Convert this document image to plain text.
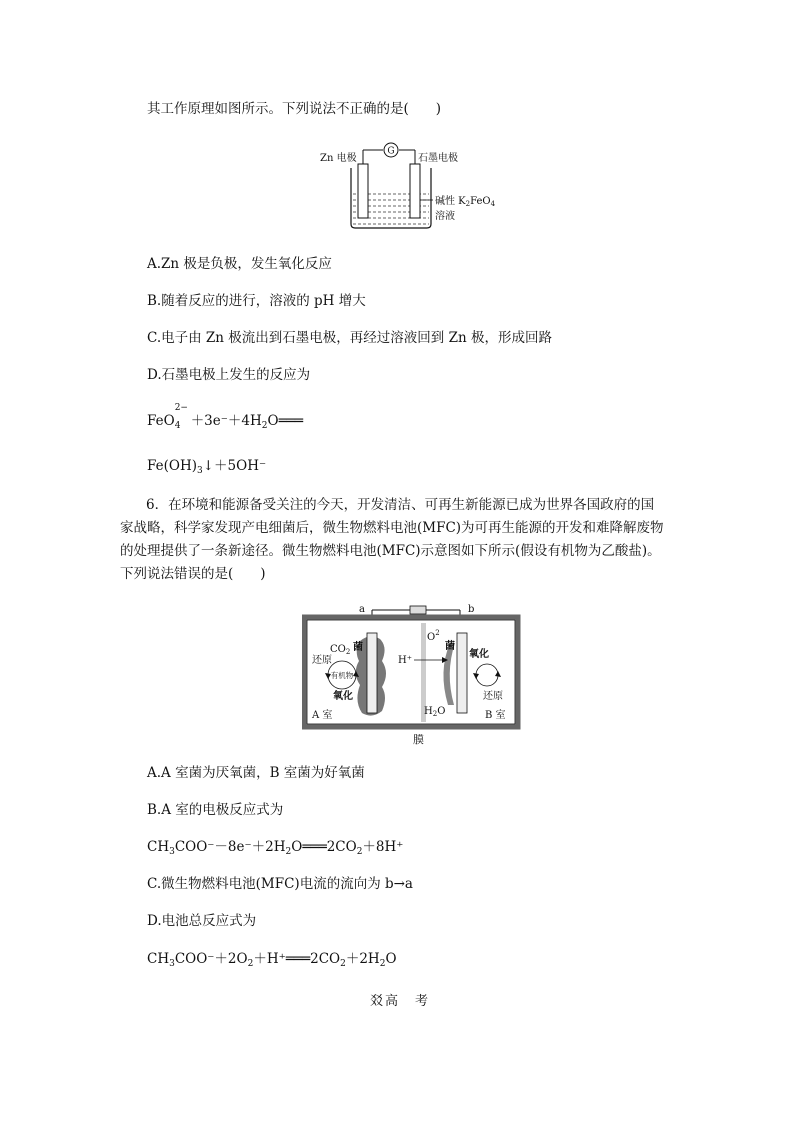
其工作原理如图所示。下列说法不正确的是(　　)
G
Zn 电极	石墨电极
碱性 $K_2FeO_4$
溶液
A.Zn 极是负极，发生氧化反应
B.随着反应的进行，溶液的 pH 增大
C.电子由 Zn 极流出到石墨电极，再经过溶液回到 Zn 极，形成回路
D.石墨电极上发生的反应为
FeO
2−
$_4 +3e^-+4H_2O═══$
$Fe(OH)_3↓+5OH^-$
6．在环境和能源备受关注的今天，开发清洁、可再生新能源已成为世界各国政府的国家战略，科学家发现产电细菌后，微生物燃料电池(MFC)为可再生能源的开发和难降解废物的处理提供了一条新途径。微生物燃料电池(MFC)示意图如下所示(假设有机物为乙酸盐)。下列说法错误的是(　　)
a	b
$CO_2$ 菌
还原
有机物
氧化
A 室
H⁺
$O^2$
菌
氧化
还原
$H_2O$	B 室
膜
A.A 室菌为厌氧菌，B 室菌为好氧菌
B.A 室的电极反应式为
$CH_3COO^--8e^-+2H_2O═══2CO_2+8H^+$
C.微生物燃料电池(MFC)电流的流向为 b→a
D.电池总反应式为
$CH_3COO^-+2O_2+H^+═══2CO_2+2H_2O$
㸚高　考
